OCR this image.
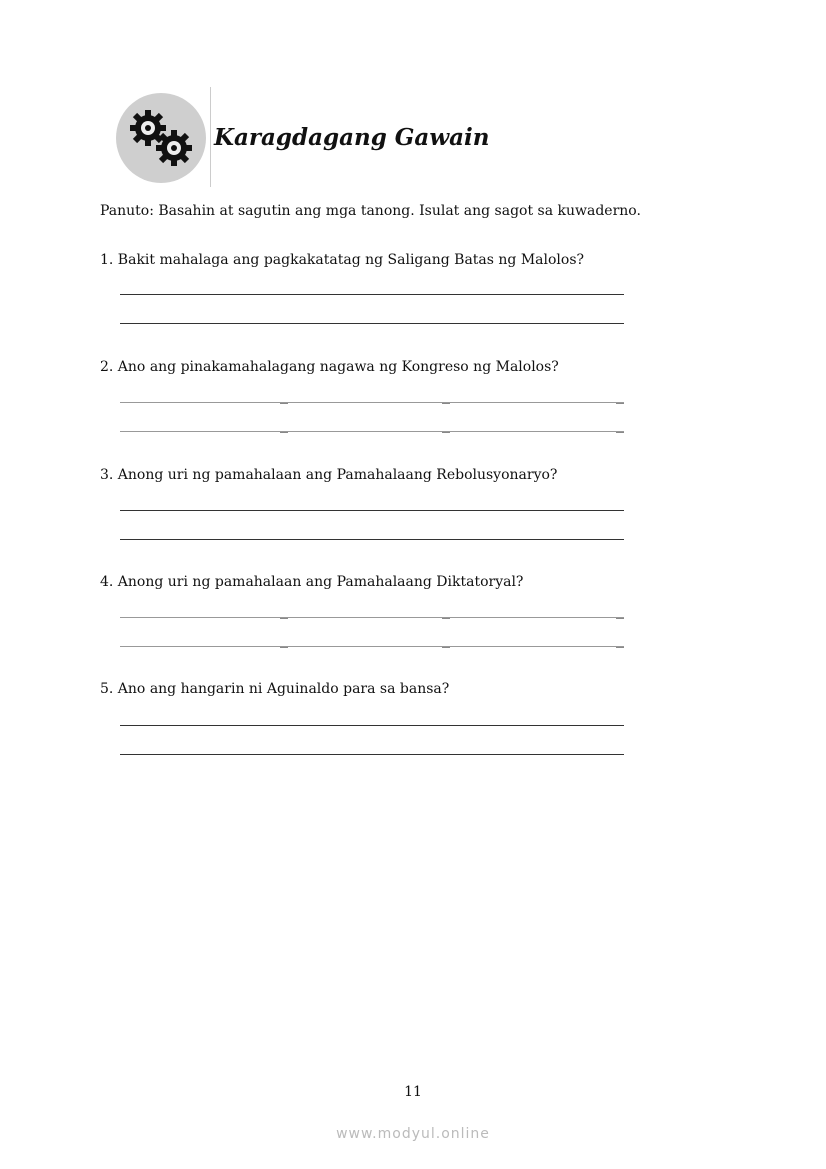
Karagdagang Gawain
Panuto: Basahin at sagutin ang mga tanong. Isulat ang sagot sa kuwaderno.
1. Bakit mahalaga ang pagkakatatag ng Saligang Batas ng Malolos?
2. Ano ang pinakamahalagang nagawa ng Kongreso ng Malolos?
3. Anong uri ng pamahalaan ang Pamahalaang Rebolusyonaryo?
4. Anong uri ng pamahalaan ang Pamahalaang Diktatoryal?
5. Ano ang hangarin ni Aguinaldo para sa bansa?
11
www.modyul.online
